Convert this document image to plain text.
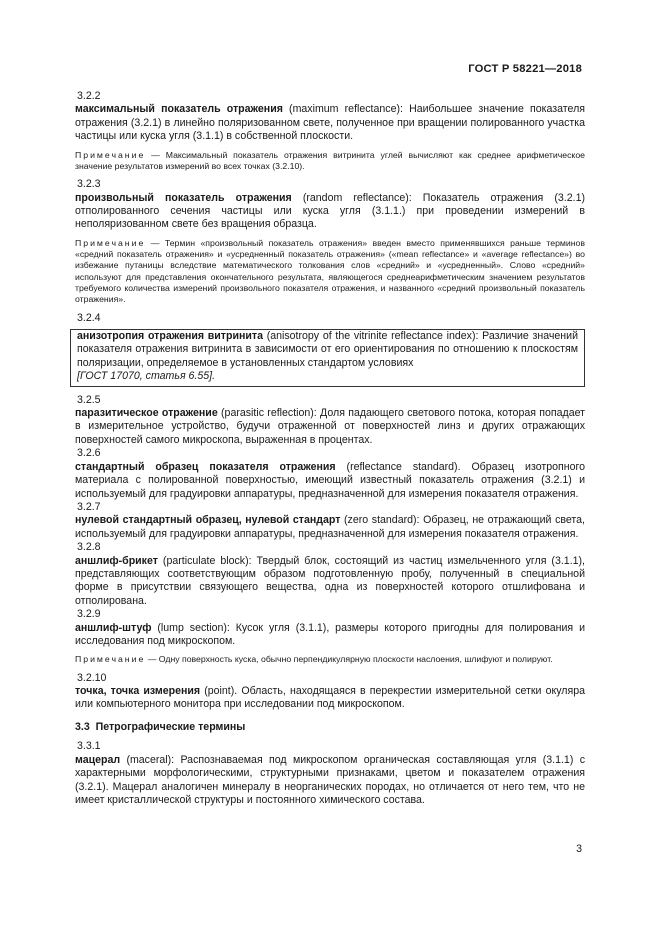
ГОСТ Р 58221—2018
3.2.2
максимальный показатель отражения (maximum reflectance): Наибольшее значение показателя отражения (3.2.1) в линейно поляризованном свете, полученное при вращении полированного участка частицы или куска угля (3.1.1) в собственной плоскости.
Примечание — Максимальный показатель отражения витринита углей вычисляют как среднее арифметическое значение результатов измерений во всех точках (3.2.10).
3.2.3
произвольный показатель отражения (random reflectance): Показатель отражения (3.2.1) отполированного сечения частицы или куска угля (3.1.1.) при проведении измерений в неполяризованном свете без вращения образца.
Примечание — Термин «произвольный показатель отражения» введен вместо применявшихся раньше терминов «средний показатель отражения» и «усредненный показатель отражения» («mean reflectance» и «average reflectance») во избежание путаницы вследствие математического толкования слов «средний» и «усредненный». Слово «средний» используют для представления окончательного результата, являющегося среднеарифметическим значением результатов требуемого количества измерений произвольного показателя отражения, и названного «средний произвольный показатель отражения».
3.2.4
анизотропия отражения витринита (anisotropy of the vitrinite reflectance index): Различие значений показателя отражения витринита в зависимости от его ориентирования по отношению к плоскостям поляризации, определяемое в установленных стандартом условиях
[ГОСТ 17070, статья 6.55].
3.2.5
паразитическое отражение (parasitic reflection): Доля падающего светового потока, которая попадает в измерительное устройство, будучи отраженной от поверхностей линз и других отражающих поверхностей самого микроскопа, выраженная в процентах.
3.2.6
стандартный образец показателя отражения (reflectance standard). Образец изотропного материала с полированной поверхностью, имеющий известный показатель отражения (3.2.1) и используемый для градуировки аппаратуры, предназначенной для измерения показателя отражения.
3.2.7
нулевой стандартный образец, нулевой стандарт (zero standard): Образец, не отражающий света, используемый для градуировки аппаратуры, предназначенной для измерения показателя отражения.
3.2.8
аншлиф-брикет (particulate block): Твердый блок, состоящий из частиц измельченного угля (3.1.1), представляющих соответствующим образом подготовленную пробу, полученный в специальной форме в присутствии связующего вещества, одна из поверхностей которого отшлифована и отполирована.
3.2.9
аншлиф-штуф (lump section): Кусок угля (3.1.1), размеры которого пригодны для полирования и исследования под микроскопом.
Примечание — Одну поверхность куска, обычно перпендикулярную плоскости наслоения, шлифуют и полируют.
3.2.10
точка, точка измерения (point). Область, находящаяся в перекрестии измерительной сетки окуляра или компьютерного монитора при исследовании под микроскопом.
3.3 Петрографические термины
3.3.1
мацерал (maceral): Распознаваемая под микроскопом органическая составляющая угля (3.1.1) с характерными морфологическими, структурными признаками, цветом и показателем отражения (3.2.1). Мацерал аналогичен минералу в неорганических породах, но отличается от него тем, что не имеет кристаллической структуры и постоянного химического состава.
3
